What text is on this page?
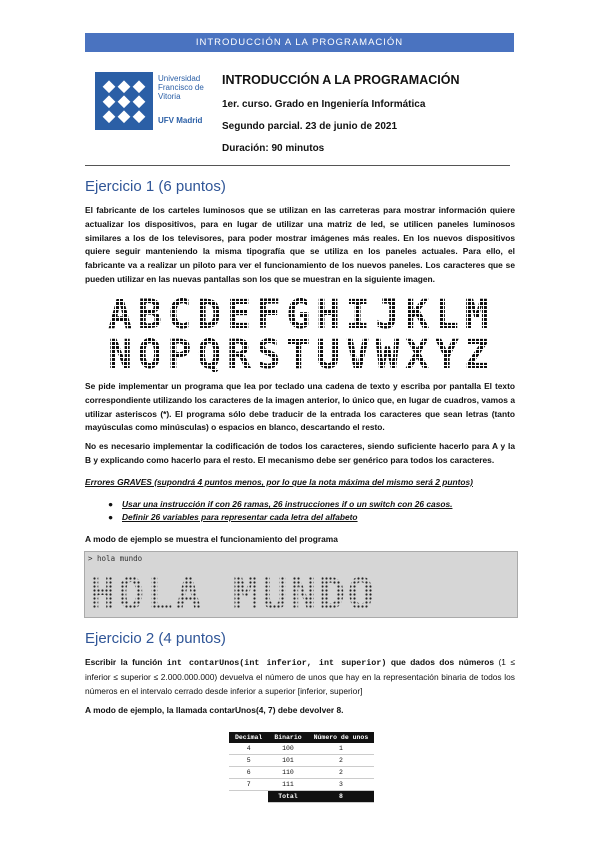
INTRODUCCIÓN A LA PROGRAMACIÓN
Universidad
Francisco de
Vitoria
UFV Madrid
INTRODUCCIÓN A LA PROGRAMACIÓN
1er. curso. Grado en Ingeniería Informática
Segundo parcial. 23 de junio de 2021
Duración: 90 minutos
Ejercicio 1 (6 puntos)

El fabricante de los carteles luminosos que se utilizan en las carreteras para mostrar información quiere actualizar los dispositivos, para en lugar de utilizar una matriz de led, se utilicen paneles luminosos similares a los de los televisores, para poder mostrar imágenes más reales. En los nuevos dispositivos quiere seguir manteniendo la misma tipografía que se utiliza en los paneles actuales. Para ello, el fabricante va a realizar un piloto para ver el funcionamiento de los nuevos paneles. Los caracteres que se pueden utilizar en las nuevas pantallas son los que se muestran en la siguiente imagen.

ABCDEFGHIJKLM
NOPQRSTUVWXYZ

Se pide implementar un programa que lea por teclado una cadena de texto y escriba por pantalla El texto correspondiente utilizando los caracteres de la imagen anterior, lo único que, en lugar de cuadros, vamos a utilizar asteriscos (*). El programa sólo debe traducir de la entrada los caracteres que sean letras (tanto mayúsculas como minúsculas) o espacios en blanco, descartando el resto.

No es necesario implementar la codificación de todos los caracteres, siendo suficiente hacerlo para A y la B y explicando como hacerlo para el resto. El mecanismo debe ser genérico para todos los caracteres.

Errores GRAVES (supondrá 4 puntos menos, por lo que la nota máxima del mismo será 2 puntos)

● Usar una instrucción if con 26 ramas, 26 instrucciones if o un switch con 26 casos.
● Definir 26 variables para representar cada letra del alfabeto

A modo de ejemplo se muestra el funcionamiento del programa

> hola mundo
HOLA MUNDO
Ejercicio 2 (4 puntos)

Escribir la función int contarUnos(int inferior, int superior) que dados dos números (1 ≤ inferior ≤ superior ≤ 2.000.000.000) devuelva el número de unos que hay en la representación binaria de todos los números en el intervalo cerrado desde inferior a superior [inferior, superior]

A modo de ejemplo, la llamada contarUnos(4, 7) debe devolver 8.

Decimal	Binario	Número de unos
4	100	1
5	101	2
6	110	2
7	111	3
	Total	8
